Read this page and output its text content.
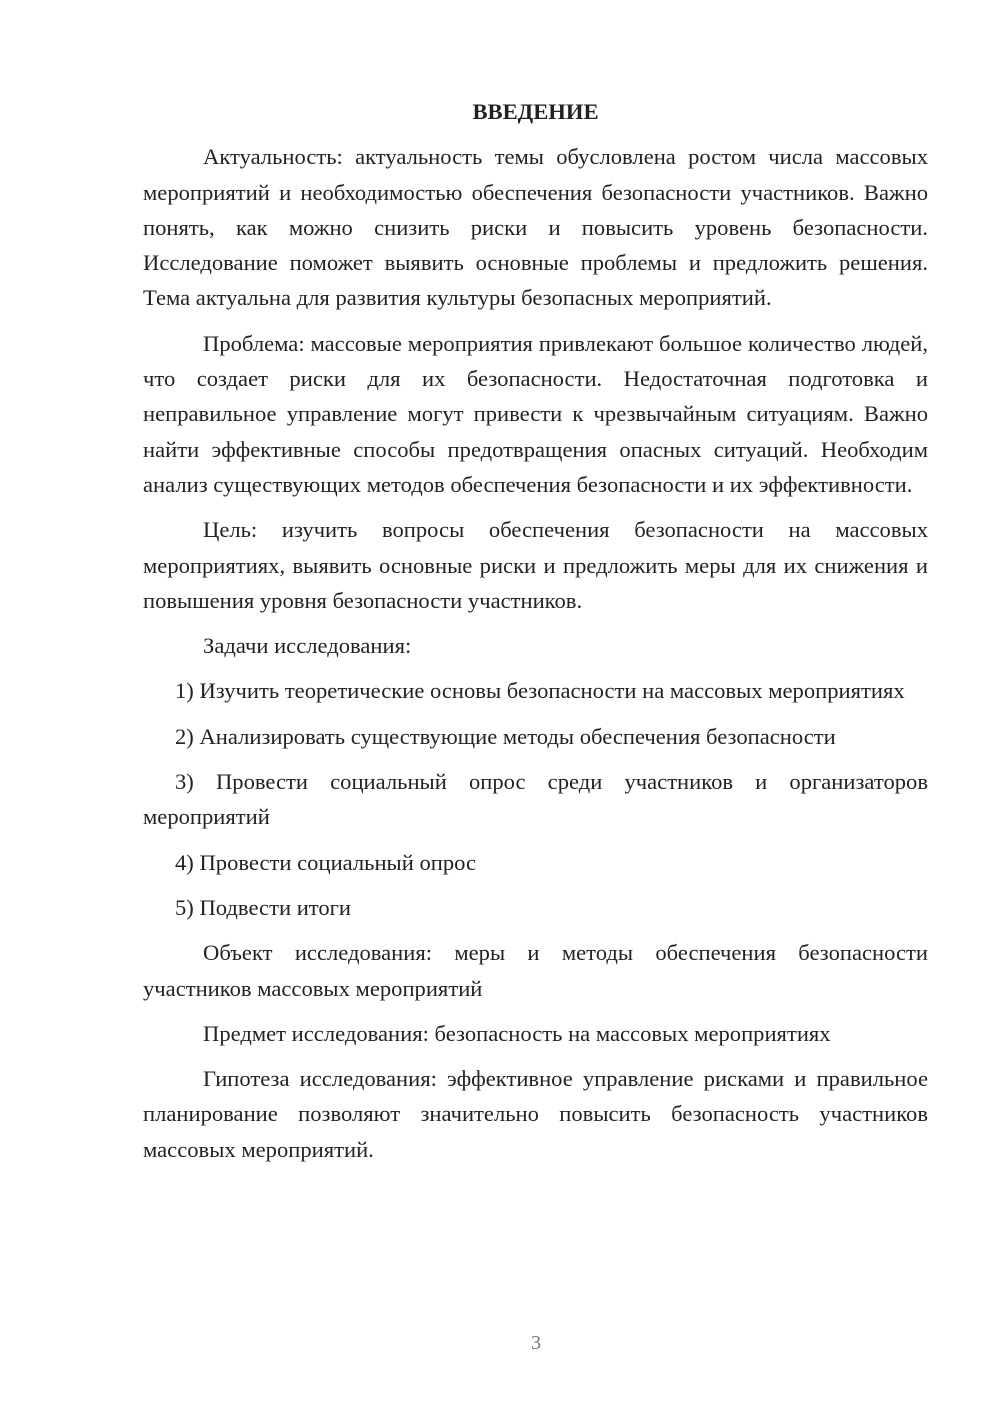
ВВЕДЕНИЕ

Актуальность: актуальность темы обусловлена ростом числа массовых мероприятий и необходимостью обеспечения безопасности участников. Важно понять, как можно снизить риски и повысить уровень безопасности. Исследование поможет выявить основные проблемы и предложить решения. Тема актуальна для развития культуры безопасных мероприятий.

Проблема: массовые мероприятия привлекают большое количество людей, что создает риски для их безопасности. Недостаточная подготовка и неправильное управление могут привести к чрезвычайным ситуациям. Важно найти эффективные способы предотвращения опасных ситуаций. Необходим анализ существующих методов обеспечения безопасности и их эффективности.

Цель: изучить вопросы обеспечения безопасности на массовых мероприятиях, выявить основные риски и предложить меры для их снижения и повышения уровня безопасности участников.

Задачи исследования:

1) Изучить теоретические основы безопасности на массовых мероприятиях

2) Анализировать существующие методы обеспечения безопасности

3) Провести социальный опрос среди участников и организаторов мероприятий

4) Провести социальный опрос

5) Подвести итоги

Объект исследования: меры и методы обеспечения безопасности участников массовых мероприятий

Предмет исследования: безопасность на массовых мероприятиях

Гипотеза исследования: эффективное управление рисками и правильное планирование позволяют значительно повысить безопасность участников массовых мероприятий.

3
